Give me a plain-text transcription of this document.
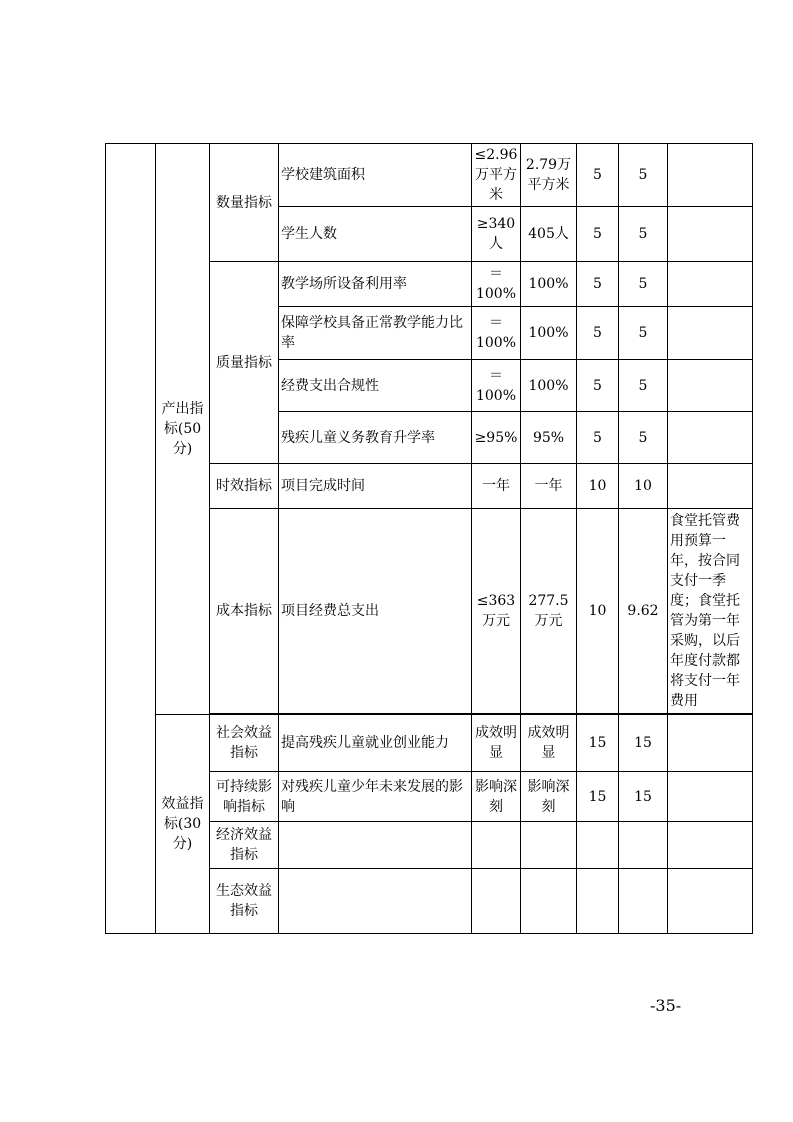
	产出指标(50分)	数量指标	学校建筑面积	≤2.96万平方米	2.79万平方米	5	5	
			学生人数	≥340人	405人	5	5	
		质量指标	教学场所设备利用率	＝100%	100%	5	5	
			保障学校具备正常教学能力比率	＝100%	100%	5	5	
			经费支出合规性	＝100%	100%	5	5	
			残疾儿童义务教育升学率	≥95%	95%	5	5	
		时效指标	项目完成时间	一年	一年	10	10	
		成本指标	项目经费总支出	≤363万元	277.5万元	10	9.62	食堂托管费用预算一年，按合同支付一季度；食堂托管为第一年采购，以后年度付款都将支付一年费用

	效益指标(30分)	社会效益指标	提高残疾儿童就业创业能力	成效明显	成效明显	15	15	
		可持续影响指标	对残疾儿童少年未来发展的影响	影响深刻	影响深刻	15	15	
		经济效益指标						
		生态效益指标						
-35-
